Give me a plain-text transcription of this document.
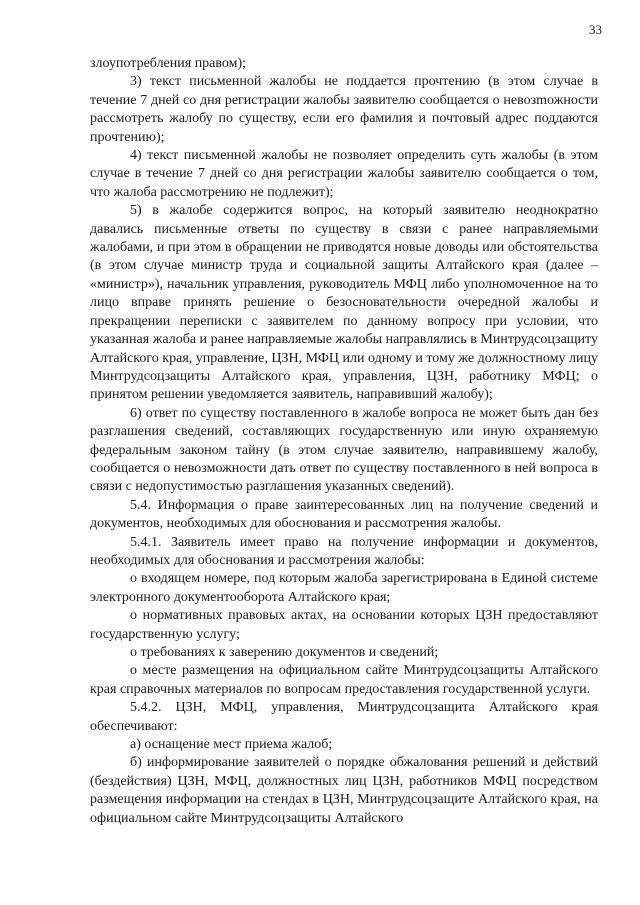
33

злоупотребления правом);

3) текст письменной жалобы не поддается прочтению (в этом случае в течение 7 дней со дня регистрации жалобы заявителю сообщается о невозmожности рассмотреть жалобу по существу, если его фамилия и почтовый адрес поддаются прочтению);

4) текст письменной жалобы не позволяет определить суть жалобы (в этом случае в течение 7 дней со дня регистрации жалобы заявителю сообщается о том, что жалоба рассмотрению не подлежит);

5) в жалобе содержится вопрос, на который заявителю неоднократно давались письменные ответы по существу в связи с ранее направляемыми жалобами, и при этом в обращении не приводятся новые доводы или обстоятельства (в этом случае министр труда и социальной защиты Алтайского края (далее – «министр»), начальник управления, руководитель МФЦ либо уполномоченное на то лицо вправе принять решение о безосновательности очередной жалобы и прекращении переписки с заявителем по данному вопросу при условии, что указанная жалоба и ранее направляемые жалобы направлялись в Минтрудсоцзащиту Алтайского края, управление, ЦЗН, МФЦ или одному и тому же должностному лицу Минтрудсоцзащиты Алтайского края, управления, ЦЗН, работнику МФЦ; о принятом решении уведомляется заявитель, направивший жалобу);

6) ответ по существу поставленного в жалобе вопроса не может быть дан без разглашения сведений, составляющих государственную или иную охраняемую федеральным законом тайну (в этом случае заявителю, направившему жалобу, сообщается о невозможности дать ответ по существу поставленного в ней вопроса в связи с недопустимостью разглашения указанных сведений).

5.4. Информация о праве заинтересованных лиц на получение сведений и документов, необходимых для обоснования и рассмотрения жалобы.

5.4.1. Заявитель имеет право на получение информации и документов, необходимых для обоснования и рассмотрения жалобы:

о входящем номере, под которым жалоба зарегистрирована в Единой системе электронного документооборота Алтайского края;

о нормативных правовых актах, на основании которых ЦЗН предоставляют государственную услугу;

о требованиях к заверению документов и сведений;

о месте размещения на официальном сайте Минтрудсоцзащиты Алтайского края справочных материалов по вопросам предоставления государственной услуги.

5.4.2. ЦЗН, МФЦ, управления, Минтрудсоцзащита Алтайского края обеспечивают:

а) оснащение мест приема жалоб;

б) информирование заявителей о порядке обжалования решений и действий (бездействия) ЦЗН, МФЦ, должностных лиц ЦЗН, работников МФЦ посредством размещения информации на стендах в ЦЗН, Минтрудсоцзащите Алтайского края, на официальном сайте Минтрудсоцзащиты Алтайского
